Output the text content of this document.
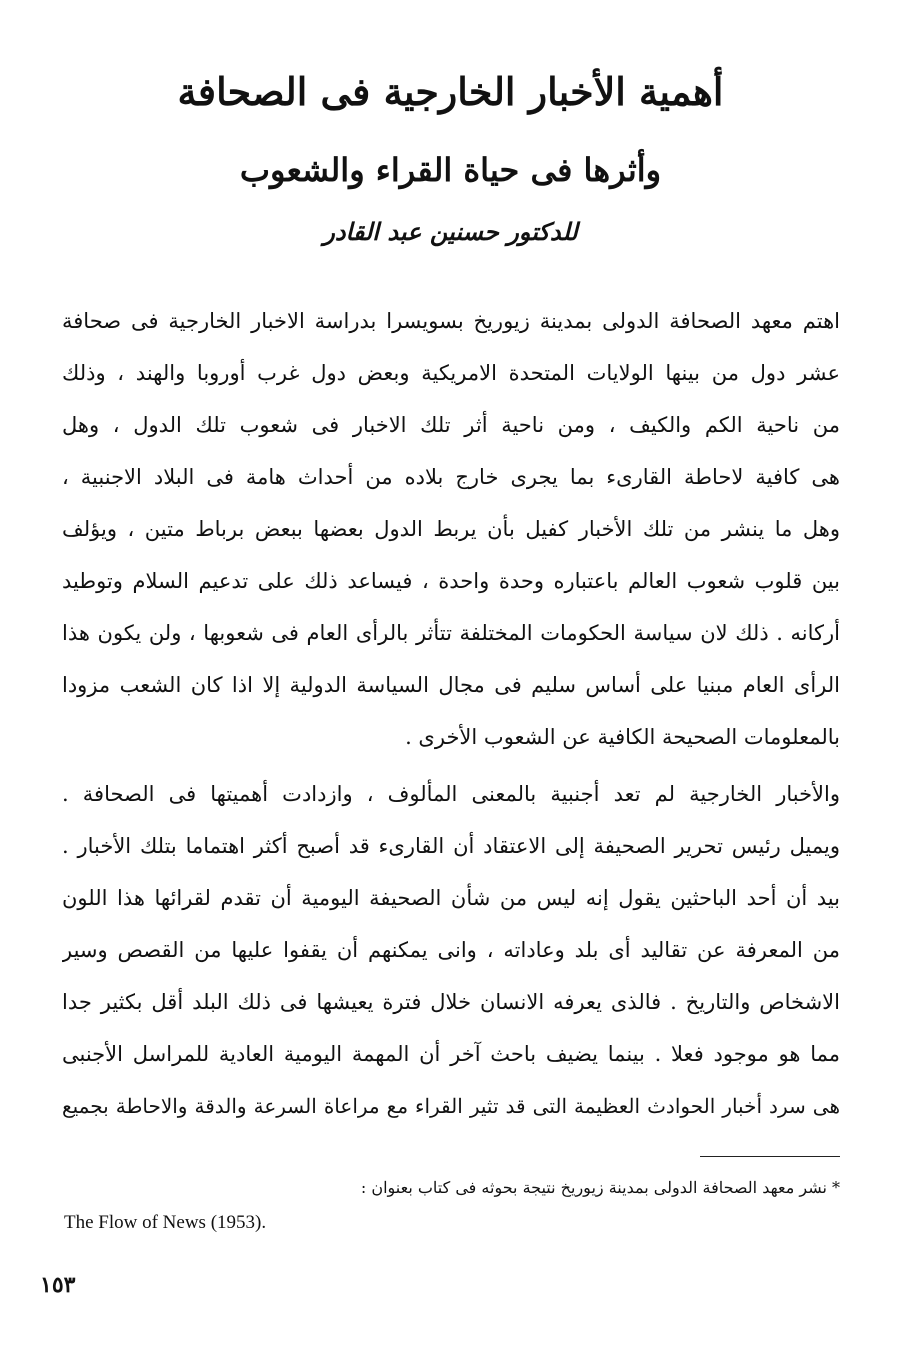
أهمية الأخبار الخارجية فى الصحافة
وأثرها فى حياة القراء والشعوب
للدكتور حسنين عبد القادر
اهتم معهد الصحافة الدولى بمدينة زيوريخ بسويسرا بدراسة الاخبار الخارجية فى صحافة
عشر دول من بينها الولايات المتحدة الامريكية وبعض دول غرب أوروبا والهند ، وذلك
من ناحية الكم والكيف ، ومن ناحية أثر تلك الاخبار فى شعوب تلك الدول ، وهل
هى كافية لاحاطة القارىء بما يجرى خارج بلاده من أحداث هامة فى البلاد الاجنبية ،
وهل ما ينشر من تلك الأخبار كفيل بأن يربط الدول بعضها ببعض برباط متين ، ويؤلف
بين قلوب شعوب العالم باعتباره وحدة واحدة ، فيساعد ذلك على تدعيم السلام وتوطيد
أركانه . ذلك لان سياسة الحكومات المختلفة تتأثر بالرأى العام فى شعوبها ، ولن يكون هذا
الرأى العام مبنيا على أساس سليم فى مجال السياسة الدولية إلا اذا كان الشعب مزودا
بالمعلومات الصحيحة الكافية عن الشعوب الأخرى .
والأخبار الخارجية لم تعد أجنبية بالمعنى المألوف ، وازدادت أهميتها فى الصحافة .
ويميل رئيس تحرير الصحيفة إلى الاعتقاد أن القارىء قد أصبح أكثر اهتماما بتلك الأخبار .
بيد أن أحد الباحثين يقول إنه ليس من شأن الصحيفة اليومية أن تقدم لقرائها هذا اللون
من المعرفة عن تقاليد أى بلد وعاداته ، وانى يمكنهم أن يقفوا عليها من القصص وسير
الاشخاص والتاريخ . فالذى يعرفه الانسان خلال فترة يعيشها فى ذلك البلد أقل بكثير جدا
مما هو موجود فعلا . بينما يضيف باحث آخر أن المهمة اليومية العادية للمراسل الأجنبى
هى سرد أخبار الحوادث العظيمة التى قد تثير القراء مع مراعاة السرعة والدقة والاحاطة بجميع
* نشر معهد الصحافة الدولى بمدينة زيوريخ نتيجة بحوثه فى كتاب بعنوان :
The Flow of News (1953).
١٥٣
